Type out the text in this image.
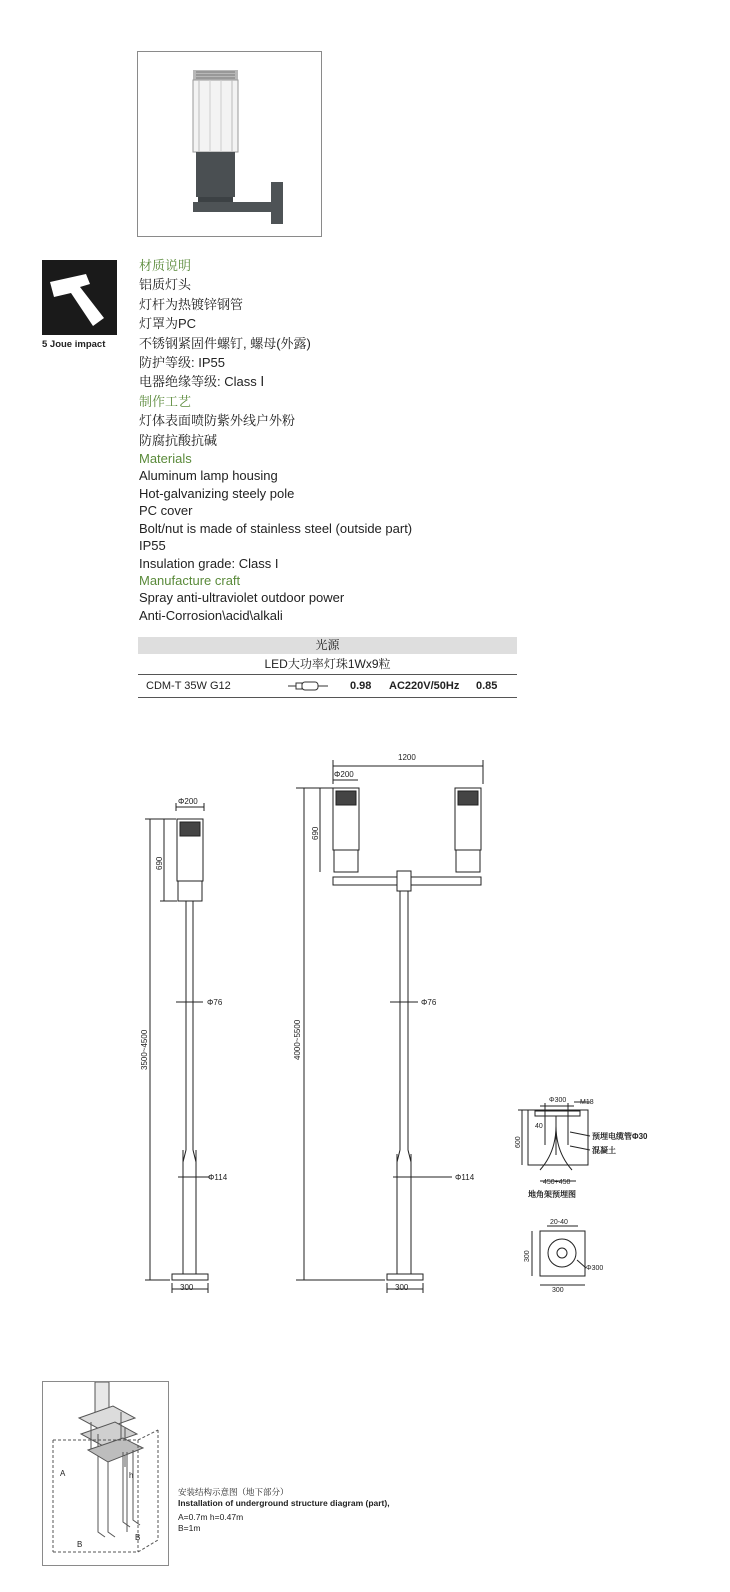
5 Joue impact
材质说明
铝质灯头
灯杆为热镀锌钢管
灯罩为PC
不锈钢紧固件螺钉, 螺母(外露)
防护等级: IP55
电器绝缘等级: Class Ⅰ
制作工艺
灯体表面喷防紫外线户外粉
防腐抗酸抗碱
Materials
Aluminum lamp housing
Hot-galvanizing steely pole
PC cover
Bolt/nut is made of stainless steel (outside part)
IP55
Insulation grade: Class I
Manufacture craft
Spray anti-ultraviolet outdoor power
Anti-Corrosion\acid\alkali
光源
LED大功率灯珠1Wx9粒
CDM-T 35W G12	0.98 AC220V/50Hz 0.85
Φ200
690
Φ76
3500~4500
Φ114
300
1200
Φ200
690
Φ76
4000~5500
Φ114
300
Φ300 M18
40
600	预埋电缆管Φ30
混凝土
450+450
地角架预埋图
20-40
300
Φ300
300
A	h
B
B
安装结构示意图（地下部分）
Installation of underground structure diagram (part),
A=0.7m h=0.47m
B=1m
